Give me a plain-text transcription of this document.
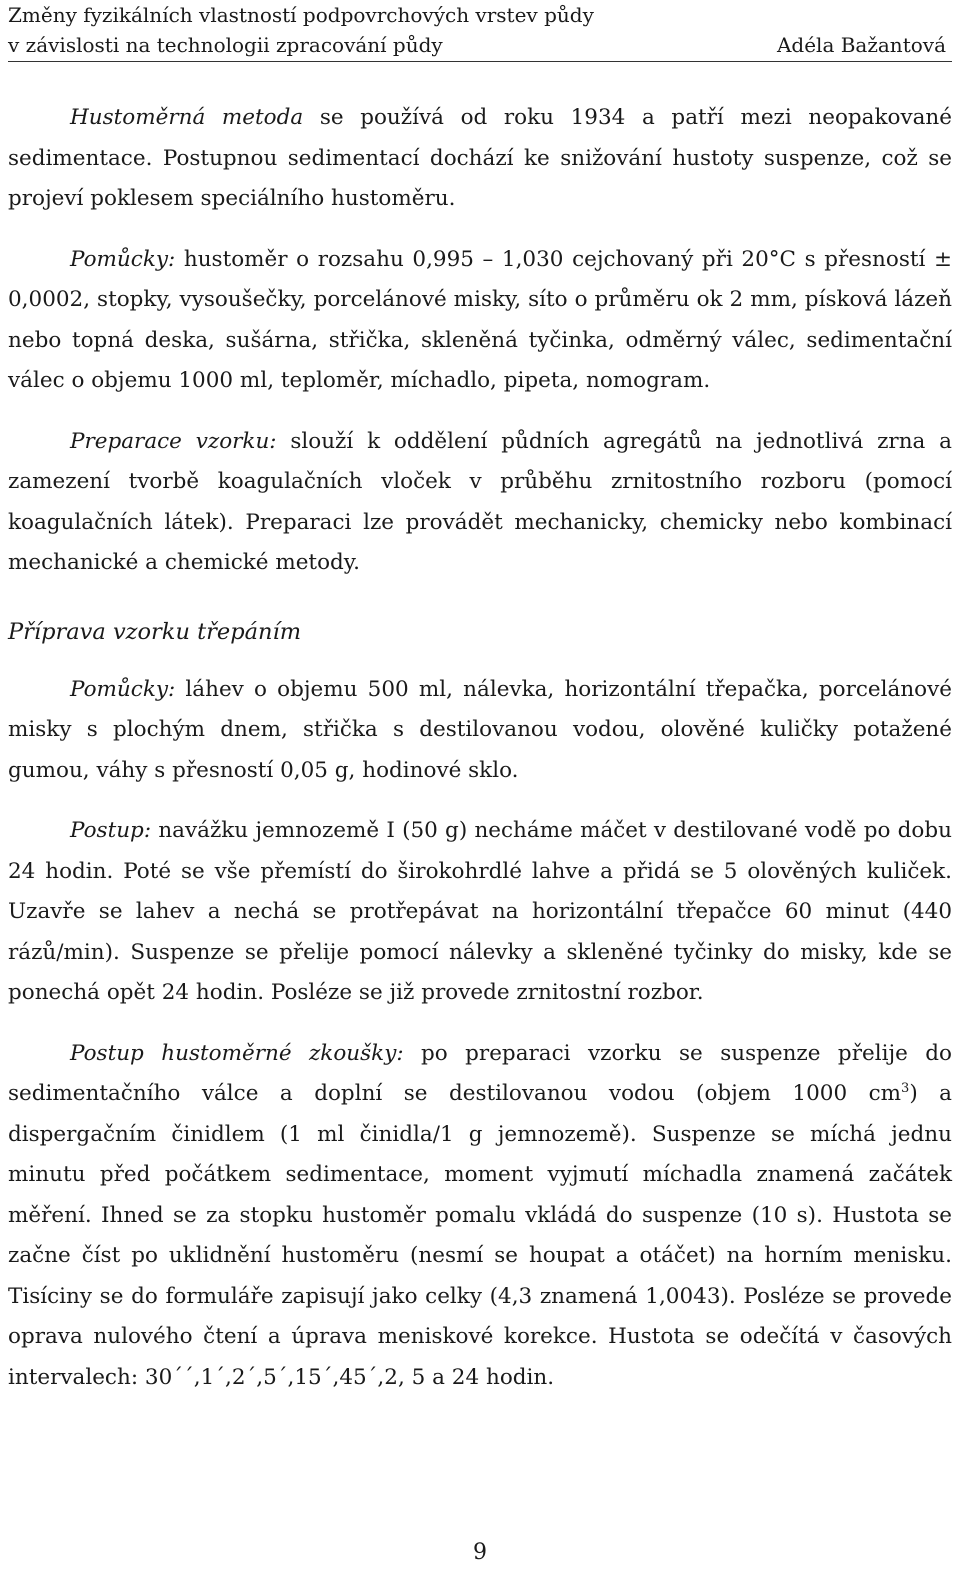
Změny fyzikálních vlastností podpovrchových vrstev půdy
v závislosti na technologii zpracování půdy	Adéla Bažantová

Hustoměrná metoda se používá od roku 1934 a patří mezi neopakované sedimentace. Postupnou sedimentací dochází ke snižování hustoty suspenze, což se projeví poklesem speciálního hustoměru.

Pomůcky: hustoměr o rozsahu 0,995 – 1,030 cejchovaný při 20°C s přesností ± 0,0002, stopky, vysoušečky, porcelánové misky, síto o průměru ok 2 mm, písková lázeň nebo topná deska, sušárna, střička, skleněná tyčinka, odměrný válec, sedimentační válec o objemu 1000 ml, teploměr, míchadlo, pipeta, nomogram.

Preparace vzorku: slouží k oddělení půdních agregátů na jednotlivá zrna a zamezení tvorbě koagulačních vloček v průběhu zrnitostního rozboru (pomocí koagulačních látek). Preparaci lze provádět mechanicky, chemicky nebo kombinací mechanické a chemické metody.

Příprava vzorku třepáním

Pomůcky: láhev o objemu 500 ml, nálevka, horizontální třepačka, porcelánové misky s plochým dnem, střička s destilovanou vodou, olověné kuličky potažené gumou, váhy s přesností 0,05 g, hodinové sklo.

Postup: navážku jemnozemě I (50 g) necháme máčet v destilované vodě po dobu 24 hodin. Poté se vše přemístí do širokohrdlé lahve a přidá se 5 olověných kuliček. Uzavře se lahev a nechá se protřepávat na horizontální třepačce 60 minut (440 rázů/min). Suspenze se přelije pomocí nálevky a skleněné tyčinky do misky, kde se ponechá opět 24 hodin. Posléze se již provede zrnitostní rozbor.

Postup hustoměrné zkoušky: po preparaci vzorku se suspenze přelije do sedimentačního válce a doplní se destilovanou vodou (objem 1000 $cm^3$) a dispergačním činidlem (1 ml činidla/1 g jemnozemě). Suspenze se míchá jednu minutu před počátkem sedimentace, moment vyjmutí míchadla znamená začátek měření. Ihned se za stopku hustoměr pomalu vkládá do suspenze (10 s). Hustota se začne číst po uklidnění hustoměru (nesmí se houpat a otáčet) na horním menisku. Tisíciny se do formuláře zapisují jako celky (4,3 znamená 1,0043). Posléze se provede oprava nulového čtení a úprava meniskové korekce. Hustota se odečítá v časových intervalech: 30´´,1´,2´,5´,15´,45´,2, 5 a 24 hodin.

9
